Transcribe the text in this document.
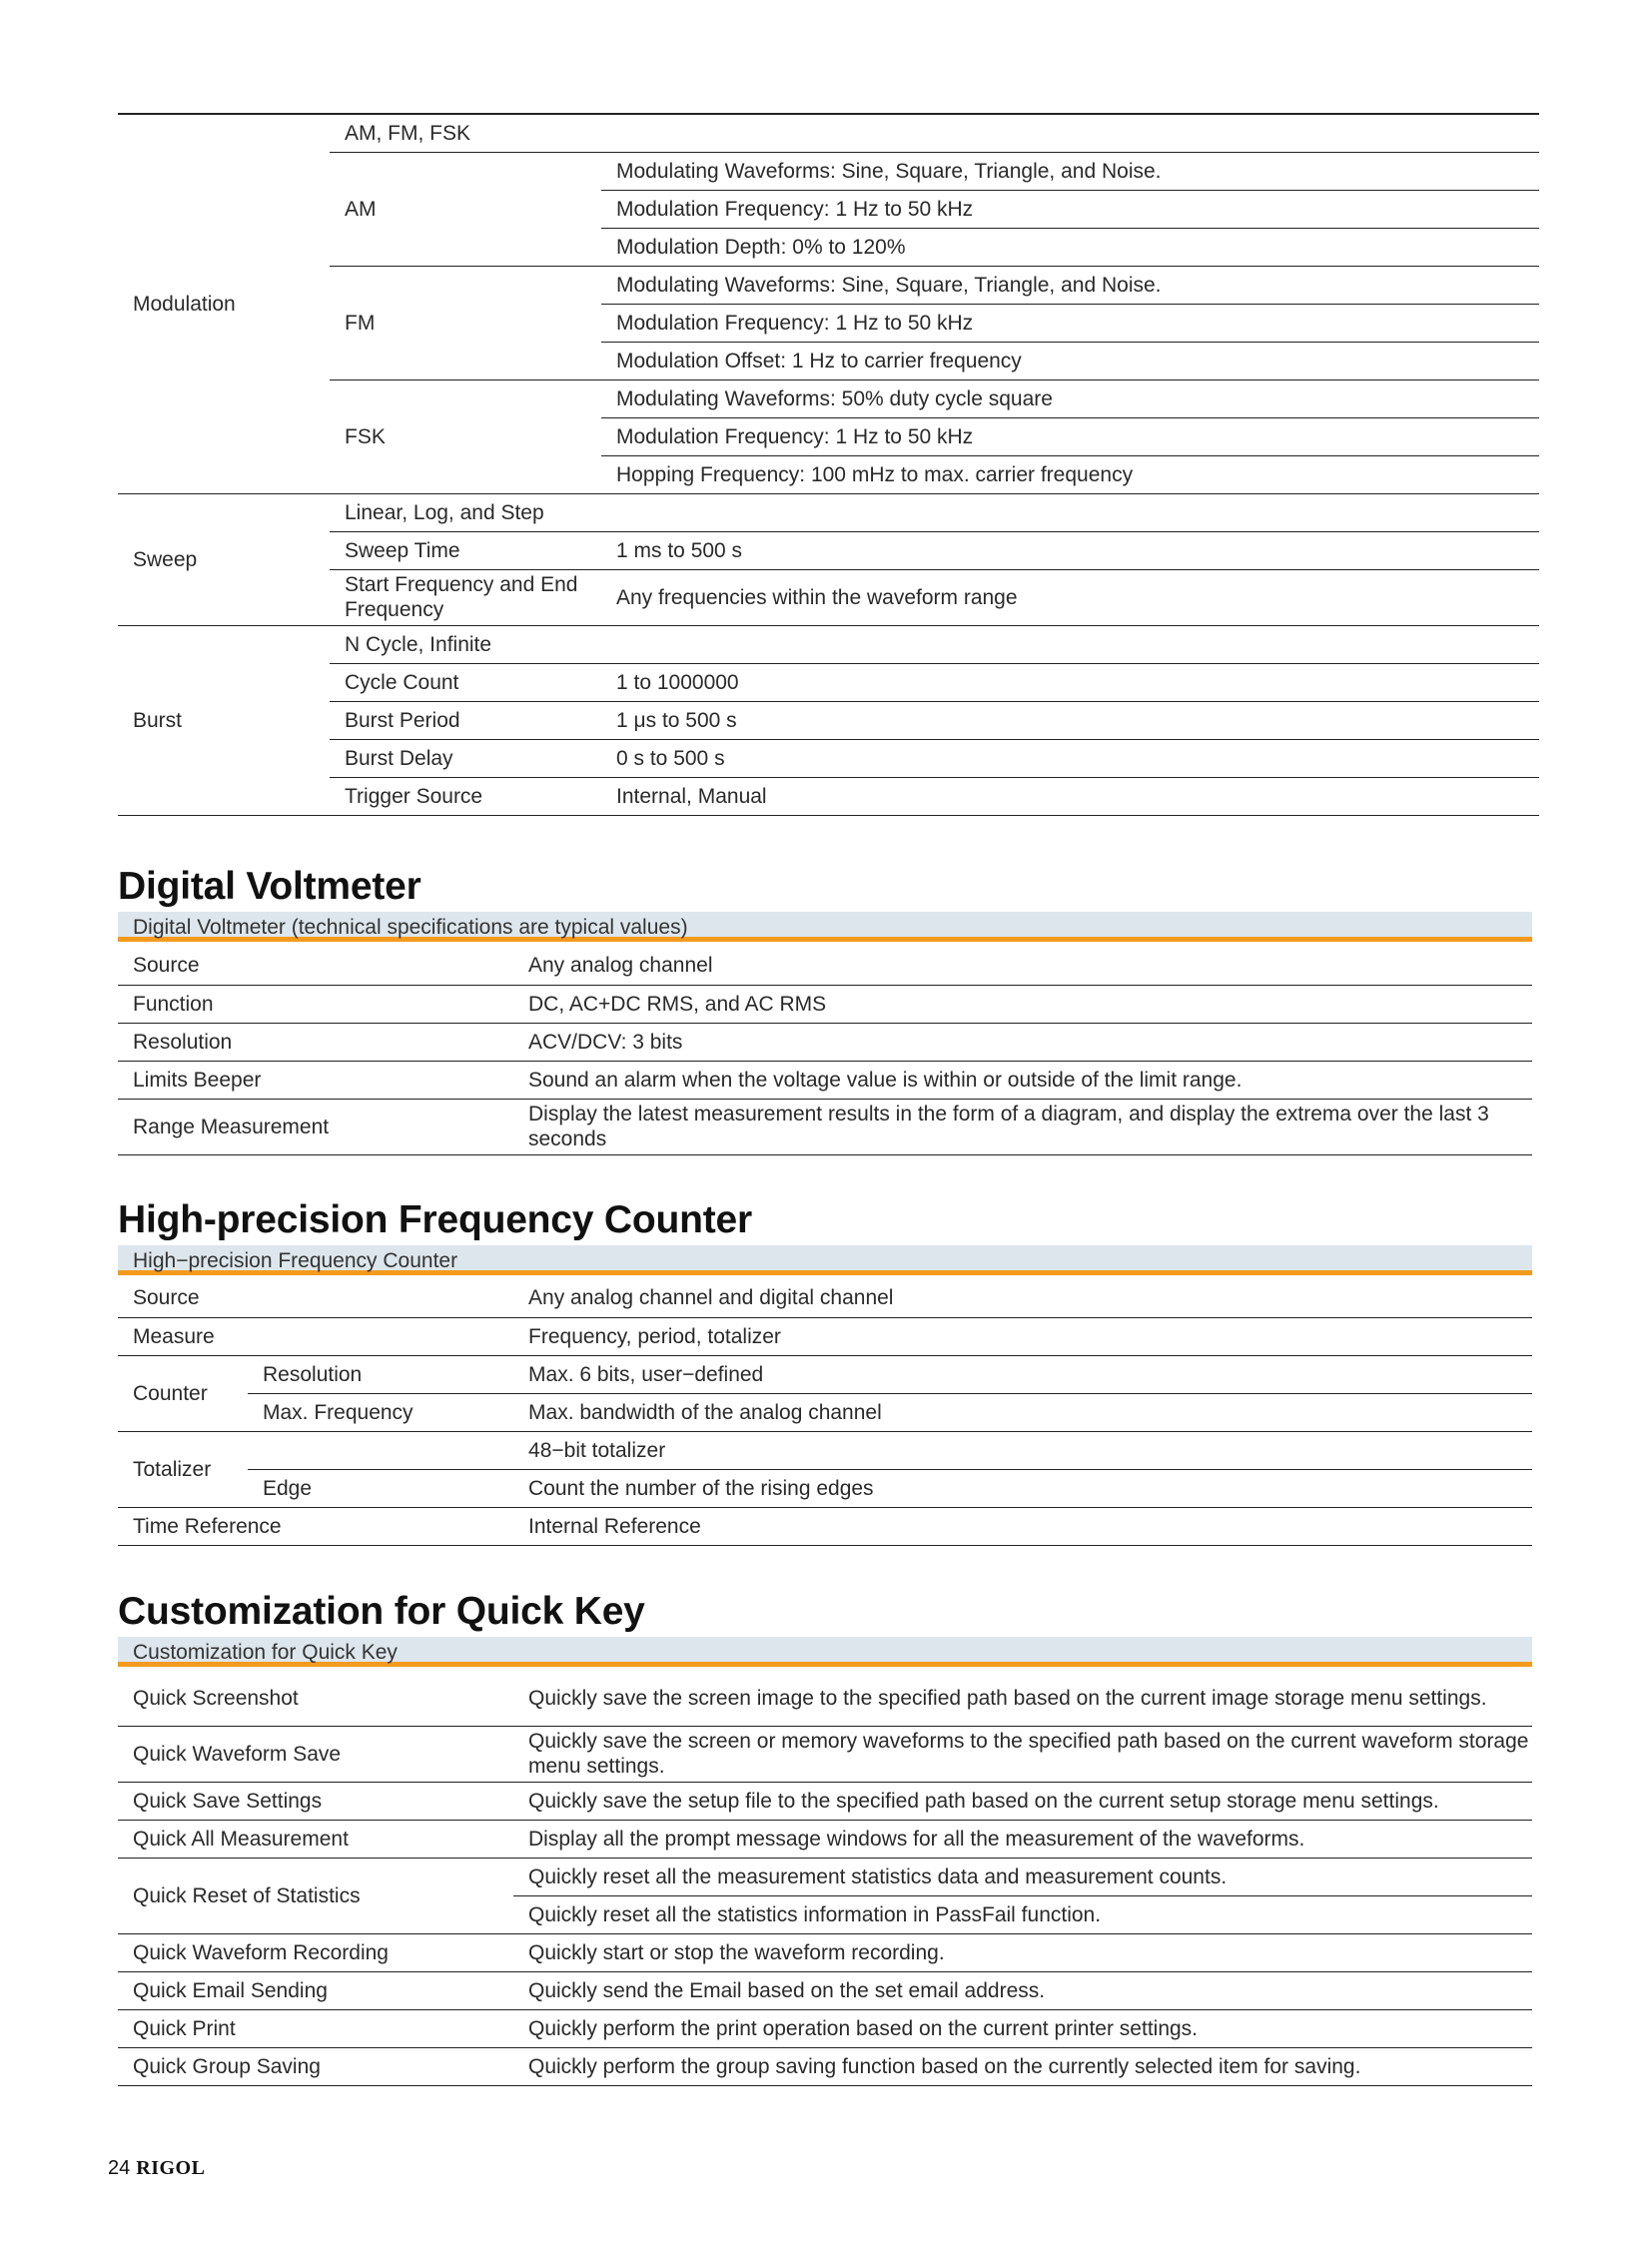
Modulation	AM, FM, FSK	
	AM	Modulating Waveforms: Sine, Square, Triangle, and Noise.
		Modulation Frequency: 1 Hz to 50 kHz
		Modulation Depth: 0% to 120%
	FM	Modulating Waveforms: Sine, Square, Triangle, and Noise.
		Modulation Frequency: 1 Hz to 50 kHz
		Modulation Offset: 1 Hz to carrier frequency
	FSK	Modulating Waveforms: 50% duty cycle square
		Modulation Frequency: 1 Hz to 50 kHz
		Hopping Frequency: 100 mHz to max. carrier frequency
Sweep	Linear, Log, and Step	
	Sweep Time	1 ms to 500 s
	Start Frequency and End Frequency	Any frequencies within the waveform range
Burst	N Cycle, Infinite	
	Cycle Count	1 to 1000000
	Burst Period	1 μs to 500 s
	Burst Delay	0 s to 500 s
	Trigger Source	Internal, Manual
Digital Voltmeter
Digital Voltmeter (technical specifications are typical values)
Source	Any analog channel
Function	DC, AC+DC RMS, and AC RMS
Resolution	ACV/DCV: 3 bits
Limits Beeper	Sound an alarm when the voltage value is within or outside of the limit range.
Range Measurement	Display the latest measurement results in the form of a diagram, and display the extrema over the last 3 seconds
High-precision Frequency Counter
High−precision Frequency Counter
Source		Any analog channel and digital channel
Measure		Frequency, period, totalizer
Counter	Resolution	Max. 6 bits, user−defined
	Max. Frequency	Max. bandwidth of the analog channel
Totalizer		48−bit totalizer
	Edge	Count the number of the rising edges
Time Reference		Internal Reference
Customization for Quick Key
Customization for Quick Key
Quick Screenshot	Quickly save the screen image to the specified path based on the current image storage menu settings.
Quick Waveform Save	Quickly save the screen or memory waveforms to the specified path based on the current waveform storage menu settings.
Quick Save Settings	Quickly save the setup file to the specified path based on the current setup storage menu settings.
Quick All Measurement	Display all the prompt message windows for all the measurement of the waveforms.
Quick Reset of Statistics	Quickly reset all the measurement statistics data and measurement counts.
	Quickly reset all the statistics information in PassFail function.
Quick Waveform Recording	Quickly start or stop the waveform recording.
Quick Email Sending	Quickly send the Email based on the set email address.
Quick Print	Quickly perform the print operation based on the current printer settings.
Quick Group Saving	Quickly perform the group saving function based on the currently selected item for saving.
24 RIGOL
